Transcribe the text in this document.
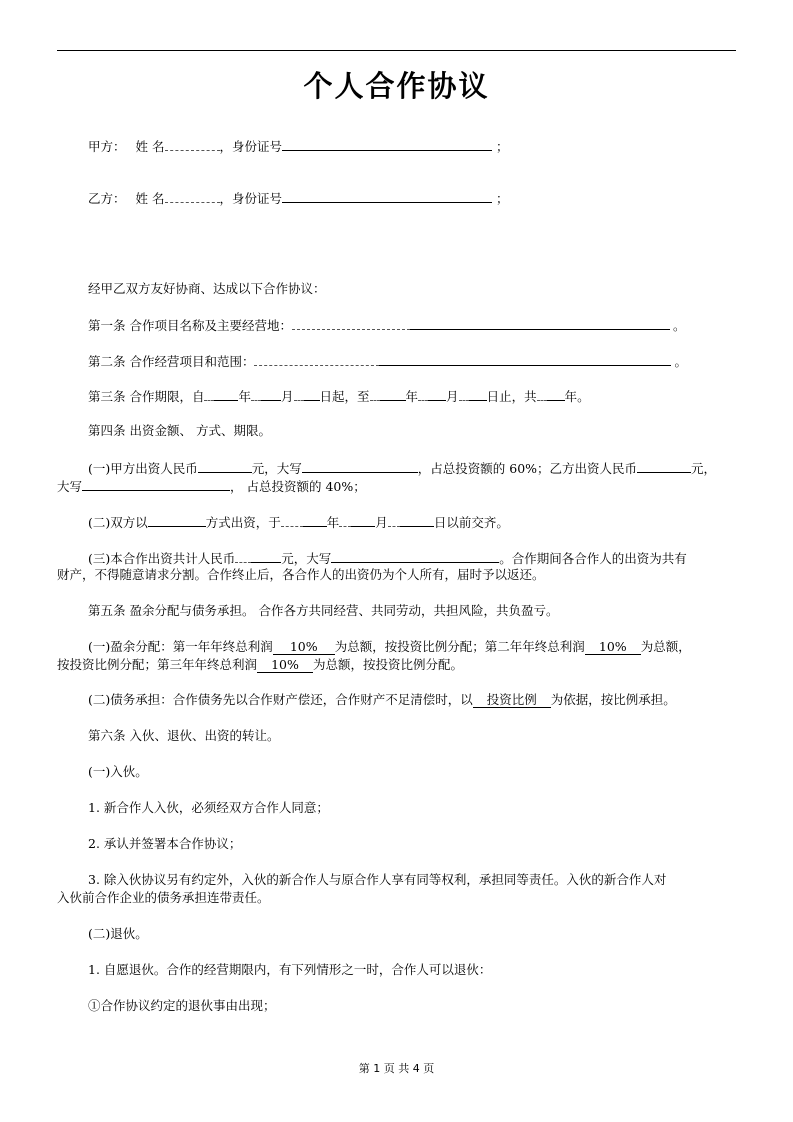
个人合作协议
甲方： 姓 名	，身份证号	；
乙方： 姓 名	，身份证号	；
经甲乙双方友好协商、达成以下合作协议：
第一条 合作项目名称及主要经营地：	。
第二条 合作经营项目和范围：	。
第三条 合作期限，自	年 月 日起，至	年 月 日止，共 年。
第四条 出资金额、 方式、期限。
(一)甲方出资人民币	元，大写	，占总投资额的 60%；乙方出资人民币	元，
大写	， 占总投资额的 40%；
(二)双方以	方式出资，于	年	月	日以前交齐。
(三)本合作出资共计人民币	元，大写	。合作期间各合作人的出资为共有
财产，不得随意请求分割。合作终止后，各合作人的出资仍为个人所有，届时予以返还。
第五条 盈余分配与债务承担。 合作各方共同经营、共同劳动，共担风险，共负盈亏。
(一)盈余分配：第一年年终总利润 10% 为总额，按投资比例分配；第二年年终总利润 10% 为总额，
按投资比例分配；第三年年终总利润 10% 为总额，按投资比例分配。
(二)债务承担：合作债务先以合作财产偿还，合作财产不足清偿时，以 投资比例 为依据，按比例承担。
第六条 入伙、退伙、出资的转让。
(一)入伙。
1. 新合作人入伙，必须经双方合作人同意；
2. 承认并签署本合作协议；
3. 除入伙协议另有约定外，入伙的新合作人与原合作人享有同等权利，承担同等责任。入伙的新合作人对
入伙前合作企业的债务承担连带责任。
(二)退伙。
1. 自愿退伙。合作的经营期限内，有下列情形之一时，合作人可以退伙：
①合作协议约定的退伙事由出现；
第 1 页 共 4 页
